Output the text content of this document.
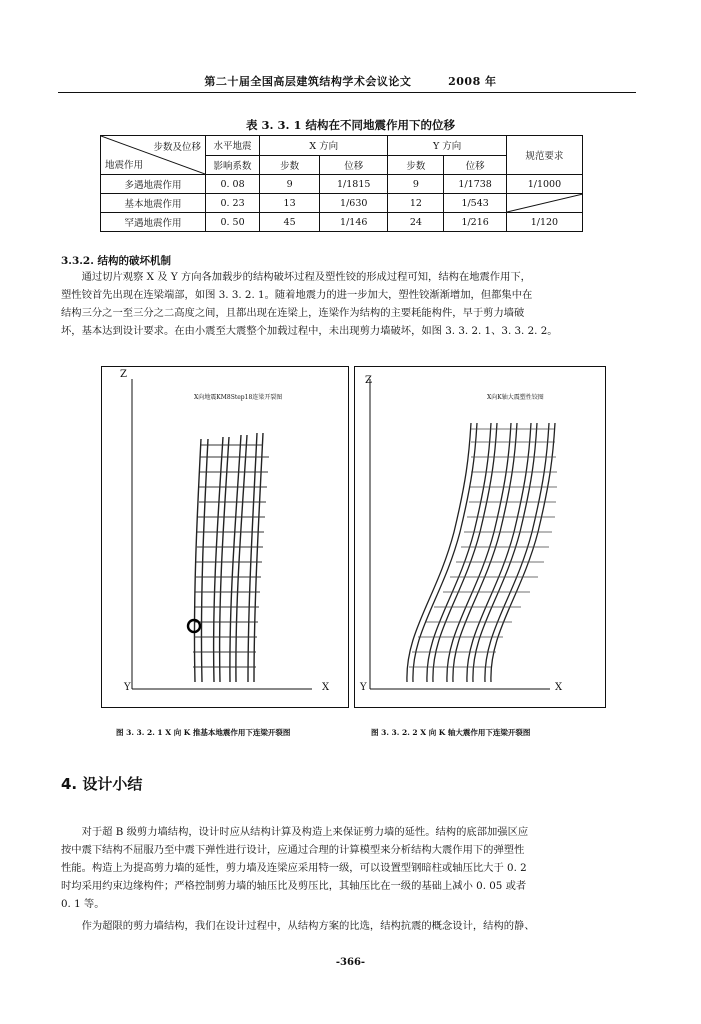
第二十届全国高层建筑结构学术会议论文	2008 年
表 3. 3. 1 结构在不同地震作用下的位移
步数及位移
地震作用	水平地震	X 方向		Y 方向		规范要求
	影响系数	步数	位移	步数	位移	
多遇地震作用	0. 08	9	1/1815	9	1/1738	1/1000
基本地震作用	0. 23	13	1/630	12	1/543	

罕遇地震作用	0. 50	45	1/146	24	1/216	1/120
3.3.2. 结构的破坏机制
通过切片观察 X 及 Y 方向各加载步的结构破坏过程及塑性铰的形成过程可知，结构在地震作用下，
塑性铰首先出现在连梁端部，如图 3. 3. 2. 1。随着地震力的进一步加大，塑性铰渐渐增加，但都集中在
结构三分之一至三分之二高度之间，且都出现在连梁上，连梁作为结构的主要耗能构件，早于剪力墙破
坏，基本达到设计要求。在由小震至大震整个加载过程中，未出现剪力墙破坏，如图 3. 3. 2. 1、3. 3. 2. 2。
Z
Y	X
X向地震KM8Step18连梁开裂图
Z
Y	X
X向K轴大震塑性铰图
图 3. 3. 2. 1 X 向 K 推基本地震作用下连梁开裂图	图 3. 3. 2. 2 X 向 K 轴大震作用下连梁开裂图
4. 设计小结
对于超 B 级剪力墙结构，设计时应从结构计算及构造上来保证剪力墙的延性。结构的底部加强区应
按中震下结构不屈服乃至中震下弹性进行设计，应通过合理的计算模型来分析结构大震作用下的弹塑性
性能。构造上为提高剪力墙的延性，剪力墙及连梁应采用特一级，可以设置型钢暗柱或轴压比大于 0. 2
时均采用约束边缘构件；严格控制剪力墙的轴压比及剪压比，其轴压比在一级的基础上减小 0. 05 或者
0. 1 等。
作为超限的剪力墙结构，我们在设计过程中，从结构方案的比选，结构抗震的概念设计，结构的静、
-366-
